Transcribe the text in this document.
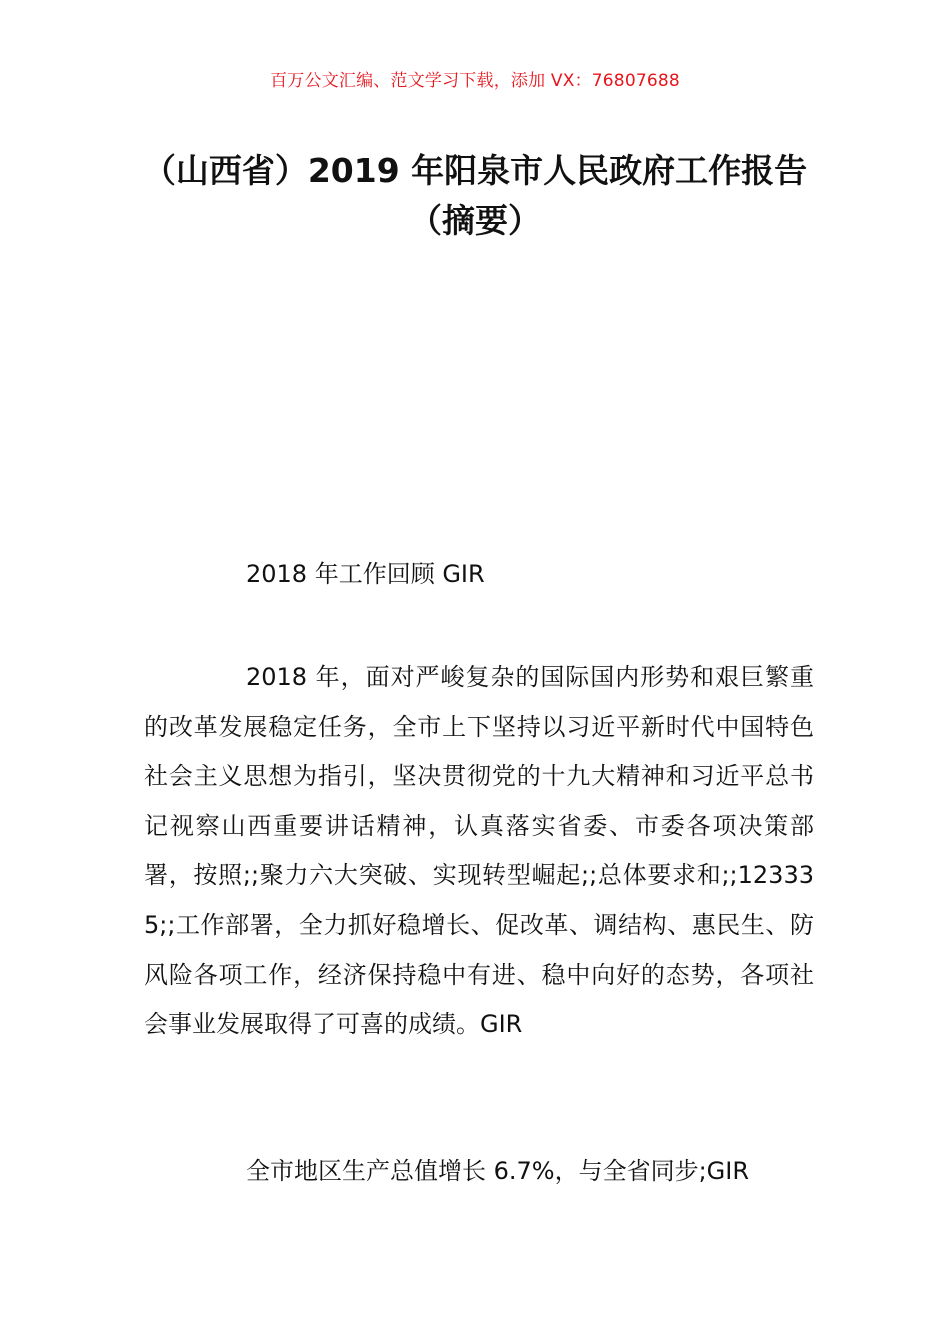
百万公文汇编、范文学习下载，添加 VX：76807688
（山西省）2019 年阳泉市人民政府工作报告（摘要）
2018 年工作回顾 GIR

2018 年，面对严峻复杂的国际国内形势和艰巨繁重的改革发展稳定任务，全市上下坚持以习近平新时代中国特色社会主义思想为指引，坚决贯彻党的十九大精神和习近平总书记视察山西重要讲话精神，认真落实省委、市委各项决策部署，按照;;聚力六大突破、实现转型崛起;;总体要求和;;123335;;工作部署，全力抓好稳增长、促改革、调结构、惠民生、防风险各项工作，经济保持稳中有进、稳中向好的态势，各项社会事业发展取得了可喜的成绩。GIR

全市地区生产总值增长 6.7%，与全省同步;GIR
